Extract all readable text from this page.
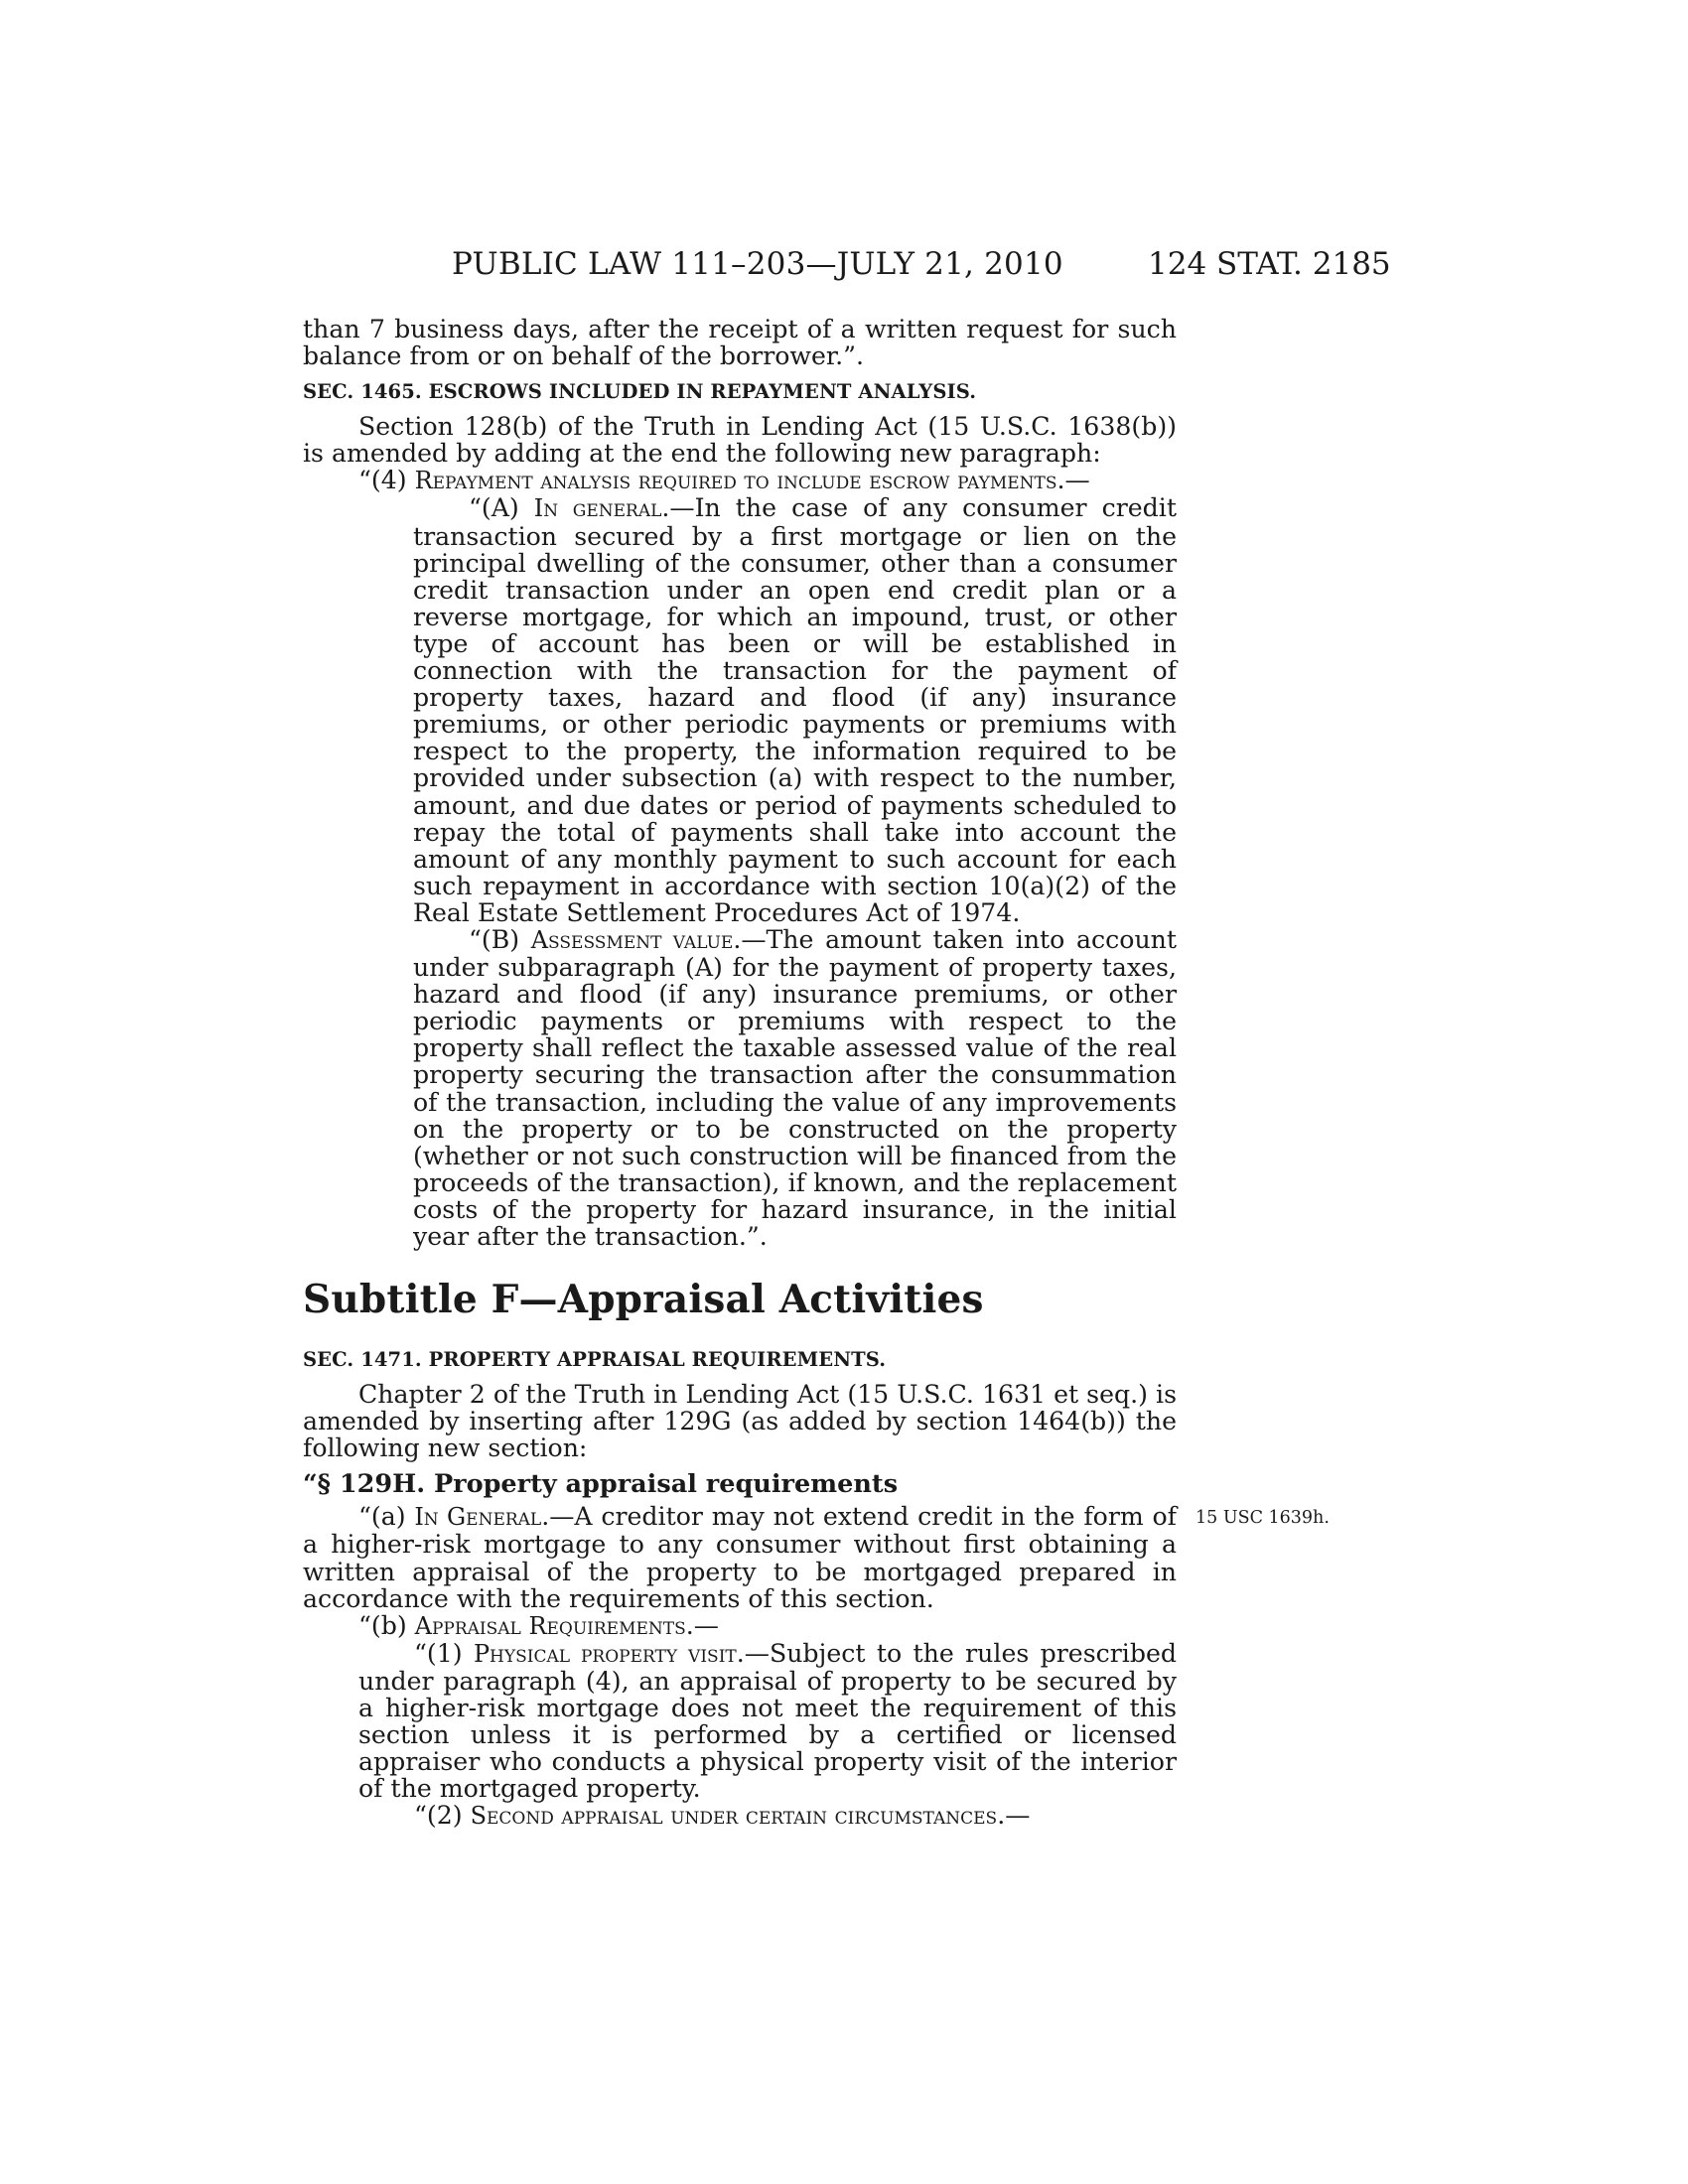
PUBLIC LAW 111–203—JULY 21, 2010	124 STAT. 2185
15 USC 1639h.

than 7 business days, after the receipt of a written request for such balance from or on behalf of the borrower.”.

SEC. 1465. ESCROWS INCLUDED IN REPAYMENT ANALYSIS.

Section 128(b) of the Truth in Lending Act (15 U.S.C. 1638(b)) is amended by adding at the end the following new paragraph:

“(4) Repayment analysis required to include escrow payments.—

“(A) In general.—In the case of any consumer credit transaction secured by a first mortgage or lien on the principal dwelling of the consumer, other than a consumer credit transaction under an open end credit plan or a reverse mortgage, for which an impound, trust, or other type of account has been or will be established in connection with the transaction for the payment of property taxes, hazard and flood (if any) insurance premiums, or other periodic payments or premiums with respect to the property, the information required to be provided under subsection (a) with respect to the number, amount, and due dates or period of payments scheduled to repay the total of payments shall take into account the amount of any monthly payment to such account for each such repayment in accordance with section 10(a)(2) of the Real Estate Settlement Procedures Act of 1974.

“(B) Assessment value.—The amount taken into account under subparagraph (A) for the payment of property taxes, hazard and flood (if any) insurance premiums, or other periodic payments or premiums with respect to the property shall reflect the taxable assessed value of the real property securing the transaction after the consummation of the transaction, including the value of any improvements on the property or to be constructed on the property (whether or not such construction will be financed from the proceeds of the transaction), if known, and the replacement costs of the property for hazard insurance, in the initial year after the transaction.”.

Subtitle F—Appraisal Activities

SEC. 1471. PROPERTY APPRAISAL REQUIREMENTS.

Chapter 2 of the Truth in Lending Act (15 U.S.C. 1631 et seq.) is amended by inserting after 129G (as added by section 1464(b)) the following new section:

“§ 129H. Property appraisal requirements

“(a) In General.—A creditor may not extend credit in the form of a higher-risk mortgage to any consumer without first obtaining a written appraisal of the property to be mortgaged prepared in accordance with the requirements of this section.

“(b) Appraisal Requirements.—

“(1) Physical property visit.—Subject to the rules prescribed under paragraph (4), an appraisal of property to be secured by a higher-risk mortgage does not meet the requirement of this section unless it is performed by a certified or licensed appraiser who conducts a physical property visit of the interior of the mortgaged property.

“(2) Second appraisal under certain circumstances.—
